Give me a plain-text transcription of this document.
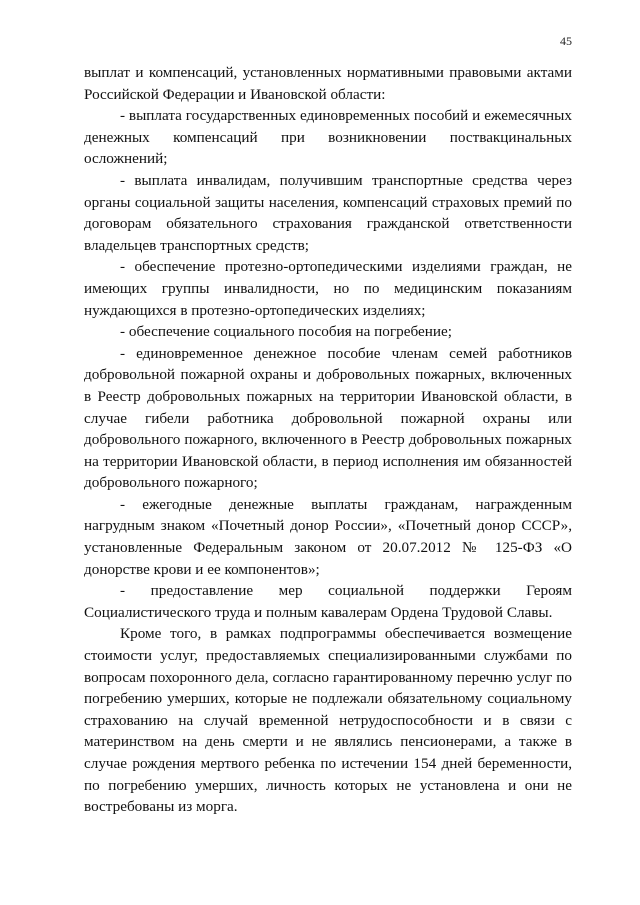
45

выплат и компенсаций, установленных нормативными правовыми актами Российской Федерации и Ивановской области:

- выплата государственных единовременных пособий и ежемесячных денежных компенсаций при возникновении поствакцинальных осложнений;

- выплата инвалидам, получившим транспортные средства через органы социальной защиты населения, компенсаций страховых премий по договорам обязательного страхования гражданской ответственности владельцев транспортных средств;

- обеспечение протезно-ортопедическими изделиями граждан, не имеющих группы инвалидности, но по медицинским показаниям нуждающихся в протезно-ортопедических изделиях;

- обеспечение социального пособия на погребение;

- единовременное денежное пособие членам семей работников добровольной пожарной охраны и добровольных пожарных, включенных в Реестр добровольных пожарных на территории Ивановской области, в случае гибели работника добровольной пожарной охраны или добровольного пожарного, включенного в Реестр добровольных пожарных на территории Ивановской области, в период исполнения им обязанностей добровольного пожарного;

- ежегодные денежные выплаты гражданам, награжденным нагрудным знаком «Почетный донор России», «Почетный донор СССР», установленные Федеральным законом от 20.07.2012 № 125-ФЗ «О донорстве крови и ее компонентов»;

- предоставление мер социальной поддержки Героям Социалистического труда и полным кавалерам Ордена Трудовой Славы.

Кроме того, в рамках подпрограммы обеспечивается возмещение стоимости услуг, предоставляемых специализированными службами по вопросам похоронного дела, согласно гарантированному перечню услуг по погребению умерших, которые не подлежали обязательному социальному страхованию на случай временной нетрудоспособности и в связи с материнством на день смерти и не являлись пенсионерами, а также в случае рождения мертвого ребенка по истечении 154 дней беременности, по погребению умерших, личность которых не установлена и они не востребованы из морга.
